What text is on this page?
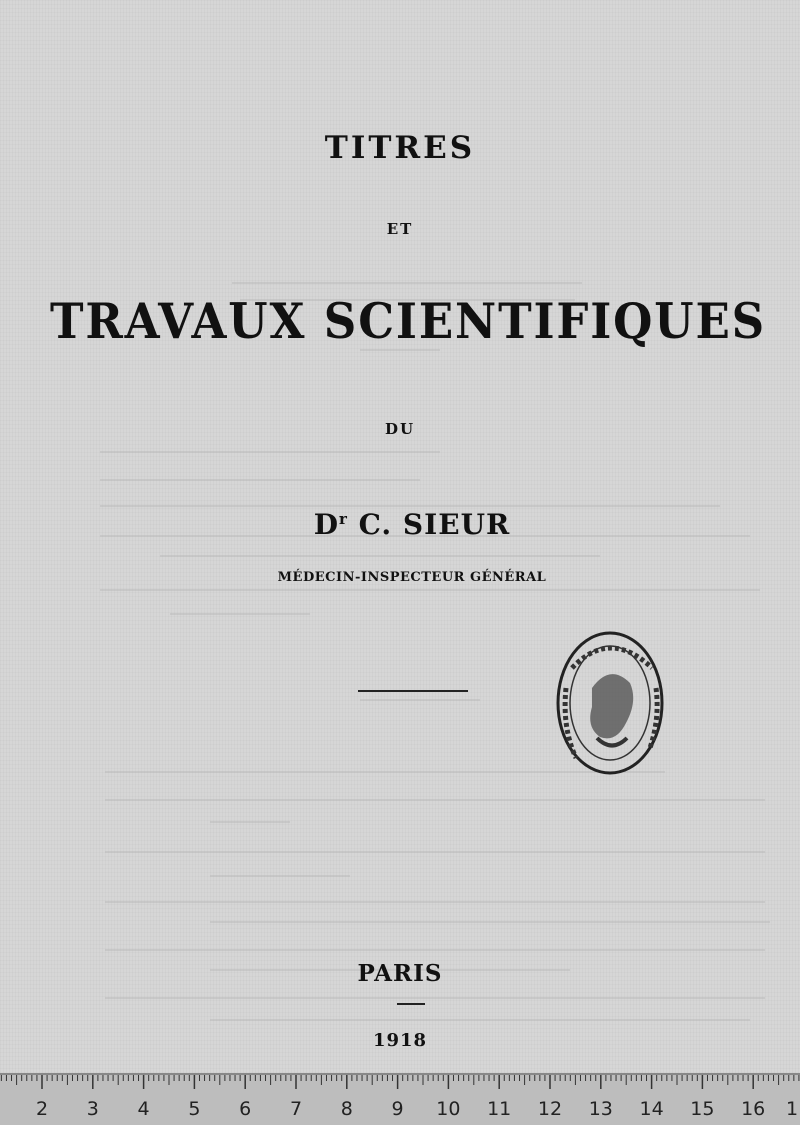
TITRES
ET
TRAVAUX SCIENTIFIQUES
DU
$D^r$ C. SIEUR
MÉDECIN-INSPECTEUR GÉNÉRAL
PARIS
1918
2 3 4 5 6 7 8 9 10 11 12 13 14 15 16 1
